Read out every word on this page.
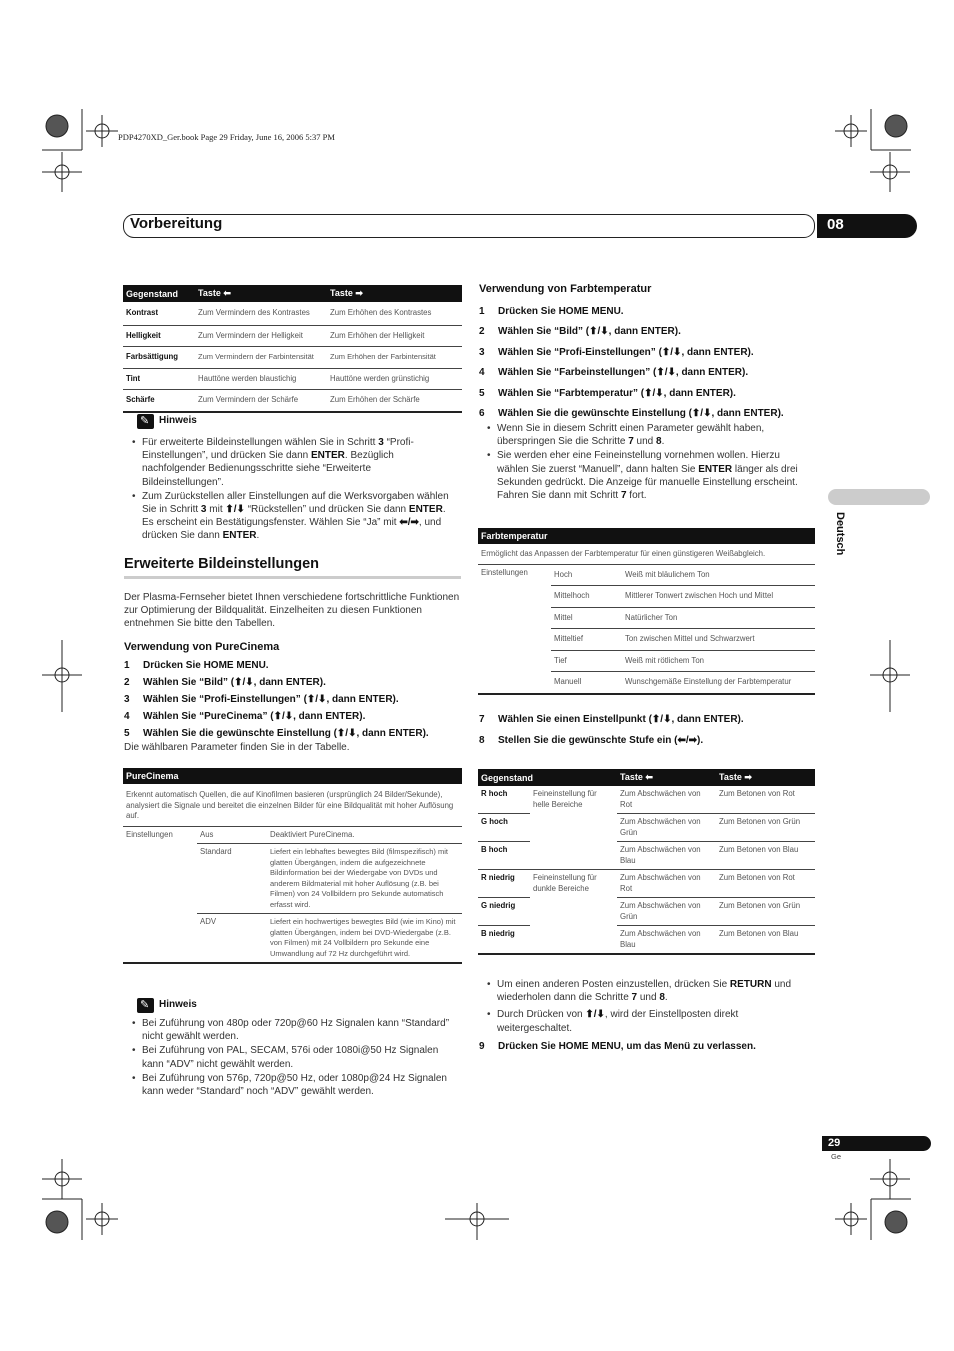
PDP4270XD_Ger.book Page 29 Friday, June 16, 2006 5:37 PM
Vorbereitung	08
Deutsch
Gegenstand	Taste ⬅	Taste ➡
Kontrast	Zum Vermindern des Kontrastes	Zum Erhöhen des Kontrastes
Helligkeit	Zum Vermindern der Helligkeit	Zum Erhöhen der Helligkeit
Farbsättigung	Zum Vermindern der Farbintensität	Zum Erhöhen der Farbintensität
Tint	Hauttöne werden blaustichig	Hauttöne werden grünstichig
Schärfe	Zum Vermindern der Schärfe	Zum Erhöhen der Schärfe
✎
Hinweis
• Für erweiterte Bildeinstellungen wählen Sie in Schritt 3 “Profi-Einstellungen”, und drücken Sie dann ENTER. Bezüglich nachfolgender Bedienungsschritte siehe “Erweiterte Bildeinstellungen”.
• Zum Zurückstellen aller Einstellungen auf die Werksvorgaben wählen Sie in Schritt 3 mit ⬆/⬇ “Rückstellen” und drücken Sie dann ENTER. Es erscheint ein Bestätigungsfenster. Wählen Sie “Ja” mit ⬅/➡, und drücken Sie dann ENTER.
Erweiterte Bildeinstellungen
Der Plasma-Fernseher bietet Ihnen verschiedene fortschrittliche Funktionen zur Optimierung der Bildqualität. Einzelheiten zu diesen Funktionen entnehmen Sie bitte den Tabellen.
Verwendung von PureCinema
1 Drücken Sie HOME MENU.
2 Wählen Sie “Bild” (⬆/⬇, dann ENTER).
3 Wählen Sie “Profi-Einstellungen” (⬆/⬇, dann ENTER).
4 Wählen Sie “PureCinema” (⬆/⬇, dann ENTER).
5 Wählen Sie die gewünschte Einstellung (⬆/⬇, dann ENTER).
Die wählbaren Parameter finden Sie in der Tabelle.
PureCinema		
Erkennt automatisch Quellen, die auf Kinofilmen basieren (ursprünglich 24 Bilder/Sekunde), analysiert die Signale und bereitet die einzelnen Bilder für eine Bildqualität mit hoher Auflösung auf.		
Einstellungen	Aus	Deaktiviert PureCinema.
	Standard	Liefert ein lebhaftes bewegtes Bild (filmspezifisch) mit glatten Übergängen, indem die aufgezeichnete Bildinformation bei der Wiedergabe von DVDs und anderem Bildmaterial mit hoher Auflösung (z.B. bei Filmen) von 24 Vollbildern pro Sekunde automatisch erfasst wird.
	ADV	Liefert ein hochwertiges bewegtes Bild (wie im Kino) mit glatten Übergängen, indem bei DVD-Wiedergabe (z.B. von Filmen) mit 24 Vollbildern pro Sekunde eine Umwandlung auf 72 Hz durchgeführt wird.
✎
Hinweis
• Bei Zuführung von 480p oder 720p@60 Hz Signalen kann “Standard” nicht gewählt werden.
• Bei Zuführung von PAL, SECAM, 576i oder 1080i@50 Hz Signalen kann “ADV” nicht gewählt werden.
• Bei Zuführung von 576p, 720p@50 Hz, oder 1080p@24 Hz Signalen kann weder “Standard” noch “ADV” gewählt werden.
Verwendung von Farbtemperatur
1 Drücken Sie HOME MENU.
2 Wählen Sie “Bild” (⬆/⬇, dann ENTER).
3 Wählen Sie “Profi-Einstellungen” (⬆/⬇, dann ENTER).
4 Wählen Sie “Farbeinstellungen” (⬆/⬇, dann ENTER).
5 Wählen Sie “Farbtemperatur” (⬆/⬇, dann ENTER).
6 Wählen Sie die gewünschte Einstellung (⬆/⬇, dann ENTER).
• Wenn Sie in diesem Schritt einen Parameter gewählt haben, überspringen Sie die Schritte 7 und 8.
• Sie werden eher eine Feineinstellung vornehmen wollen. Hierzu wählen Sie zuerst “Manuell”, dann halten Sie ENTER länger als drei Sekunden gedrückt. Die Anzeige für manuelle Einstellung erscheint. Fahren Sie dann mit Schritt 7 fort.
Farbtemperatur		
Ermöglicht das Anpassen der Farbtemperatur für einen günstigeren Weißabgleich.		
Einstellungen	Hoch	Weiß mit bläulichem Ton
	Mittelhoch	Mittlerer Tonwert zwischen Hoch und Mittel
	Mittel	Natürlicher Ton
	Mitteltief	Ton zwischen Mittel und Schwarzwert
	Tief	Weiß mit rötlichem Ton
	Manuell	Wunschgemäße Einstellung der Farbtemperatur
7 Wählen Sie einen Einstellpunkt (⬆/⬇, dann ENTER).
8 Stellen Sie die gewünschte Stufe ein (⬅/➡).
Gegenstand		Taste ⬅	Taste ➡
R hoch	Feineinstellung für helle Bereiche	Zum Abschwächen von Rot	Zum Betonen von Rot
G hoch		Zum Abschwächen von Grün	Zum Betonen von Grün
B hoch		Zum Abschwächen von Blau	Zum Betonen von Blau
R niedrig	Feineinstellung für dunkle Bereiche	Zum Abschwächen von Rot	Zum Betonen von Rot
G niedrig		Zum Abschwächen von Grün	Zum Betonen von Grün
B niedrig		Zum Abschwächen von Blau	Zum Betonen von Blau
• Um einen anderen Posten einzustellen, drücken Sie RETURN und wiederholen dann die Schritte 7 und 8.
• Durch Drücken von ⬆/⬇, wird der Einstellposten direkt weitergeschaltet.
9 Drücken Sie HOME MENU, um das Menü zu verlassen.
29
Ge
